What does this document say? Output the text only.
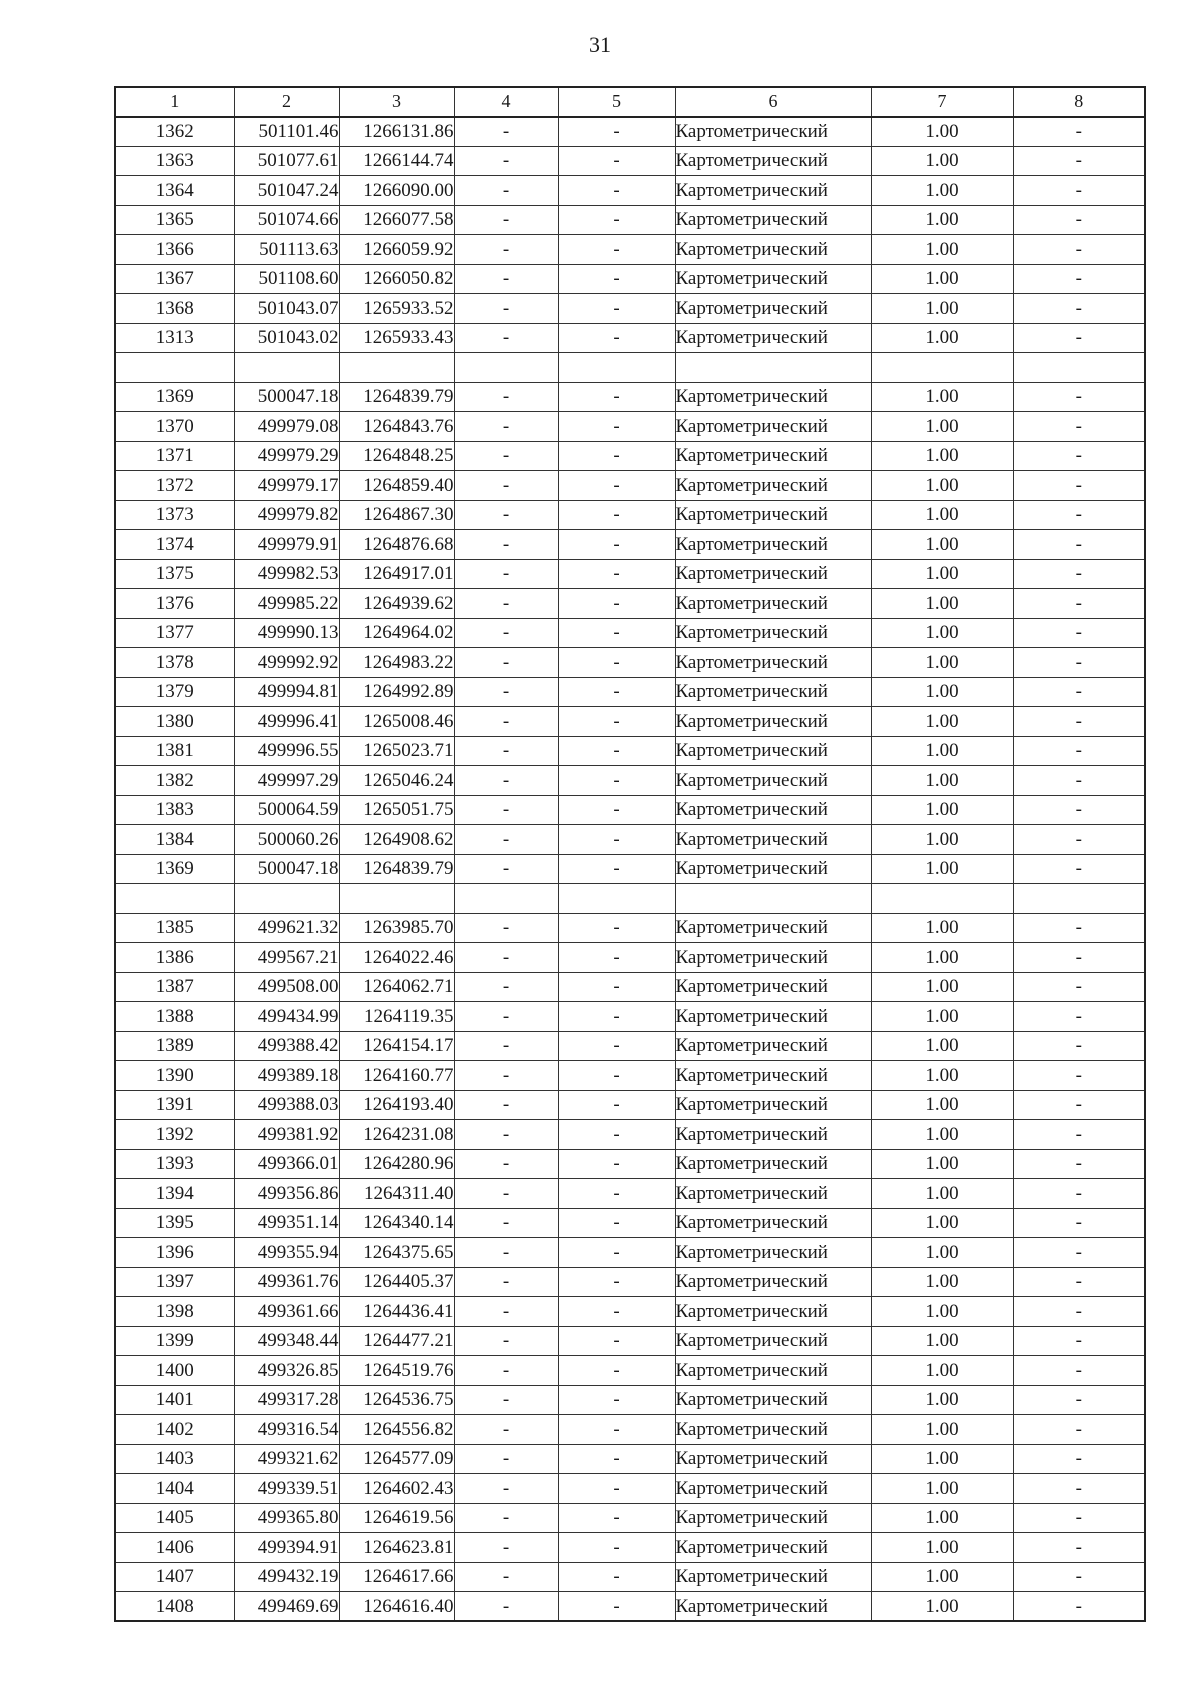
31
1	2	3	4	5	6	7	8
1362	501101.46	1266131.86	-	-	Картометрический	1.00	-
1363	501077.61	1266144.74	-	-	Картометрический	1.00	-
1364	501047.24	1266090.00	-	-	Картометрический	1.00	-
1365	501074.66	1266077.58	-	-	Картометрический	1.00	-
1366	501113.63	1266059.92	-	-	Картометрический	1.00	-
1367	501108.60	1266050.82	-	-	Картометрический	1.00	-
1368	501043.07	1265933.52	-	-	Картометрический	1.00	-
1313	501043.02	1265933.43	-	-	Картометрический	1.00	-

1369	500047.18	1264839.79	-	-	Картометрический	1.00	-
1370	499979.08	1264843.76	-	-	Картометрический	1.00	-
1371	499979.29	1264848.25	-	-	Картометрический	1.00	-
1372	499979.17	1264859.40	-	-	Картометрический	1.00	-
1373	499979.82	1264867.30	-	-	Картометрический	1.00	-
1374	499979.91	1264876.68	-	-	Картометрический	1.00	-
1375	499982.53	1264917.01	-	-	Картометрический	1.00	-
1376	499985.22	1264939.62	-	-	Картометрический	1.00	-
1377	499990.13	1264964.02	-	-	Картометрический	1.00	-
1378	499992.92	1264983.22	-	-	Картометрический	1.00	-
1379	499994.81	1264992.89	-	-	Картометрический	1.00	-
1380	499996.41	1265008.46	-	-	Картометрический	1.00	-
1381	499996.55	1265023.71	-	-	Картометрический	1.00	-
1382	499997.29	1265046.24	-	-	Картометрический	1.00	-
1383	500064.59	1265051.75	-	-	Картометрический	1.00	-
1384	500060.26	1264908.62	-	-	Картометрический	1.00	-
1369	500047.18	1264839.79	-	-	Картометрический	1.00	-

1385	499621.32	1263985.70	-	-	Картометрический	1.00	-
1386	499567.21	1264022.46	-	-	Картометрический	1.00	-
1387	499508.00	1264062.71	-	-	Картометрический	1.00	-
1388	499434.99	1264119.35	-	-	Картометрический	1.00	-
1389	499388.42	1264154.17	-	-	Картометрический	1.00	-
1390	499389.18	1264160.77	-	-	Картометрический	1.00	-
1391	499388.03	1264193.40	-	-	Картометрический	1.00	-
1392	499381.92	1264231.08	-	-	Картометрический	1.00	-
1393	499366.01	1264280.96	-	-	Картометрический	1.00	-
1394	499356.86	1264311.40	-	-	Картометрический	1.00	-
1395	499351.14	1264340.14	-	-	Картометрический	1.00	-
1396	499355.94	1264375.65	-	-	Картометрический	1.00	-
1397	499361.76	1264405.37	-	-	Картометрический	1.00	-
1398	499361.66	1264436.41	-	-	Картометрический	1.00	-
1399	499348.44	1264477.21	-	-	Картометрический	1.00	-
1400	499326.85	1264519.76	-	-	Картометрический	1.00	-
1401	499317.28	1264536.75	-	-	Картометрический	1.00	-
1402	499316.54	1264556.82	-	-	Картометрический	1.00	-
1403	499321.62	1264577.09	-	-	Картометрический	1.00	-
1404	499339.51	1264602.43	-	-	Картометрический	1.00	-
1405	499365.80	1264619.56	-	-	Картометрический	1.00	-
1406	499394.91	1264623.81	-	-	Картометрический	1.00	-
1407	499432.19	1264617.66	-	-	Картометрический	1.00	-
1408	499469.69	1264616.40	-	-	Картометрический	1.00	-
